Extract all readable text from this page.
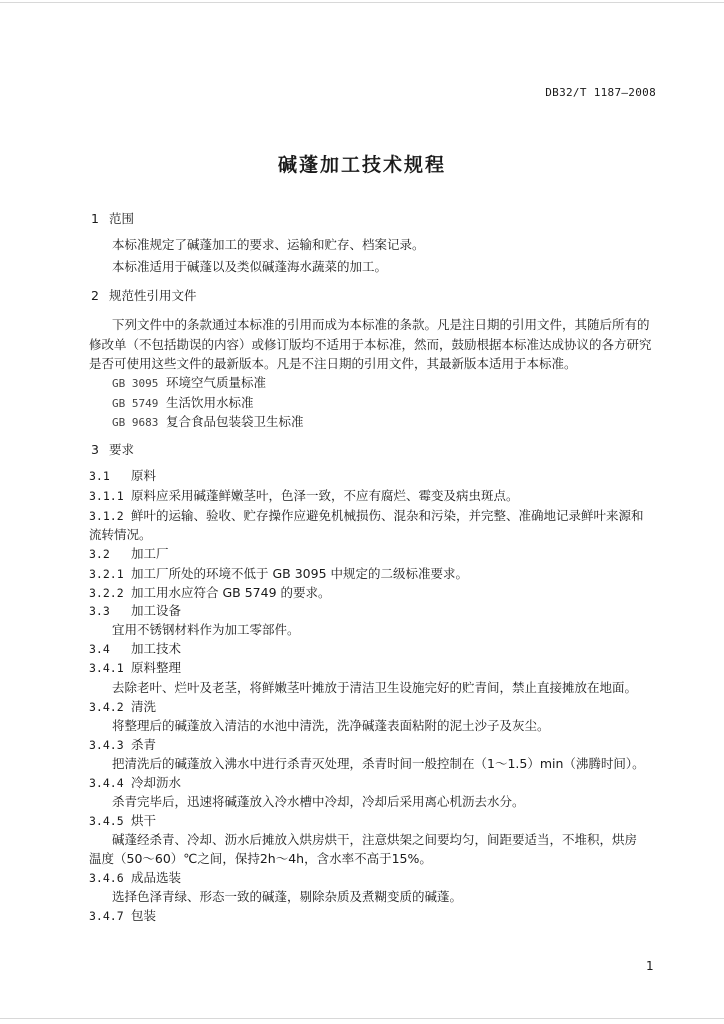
DB32/T 1187—2008
碱蓬加工技术规程
1 范围
本标准规定了碱蓬加工的要求、运输和贮存、档案记录。
本标准适用于碱蓬以及类似碱蓬海水蔬菜的加工。
2 规范性引用文件
下列文件中的条款通过本标准的引用而成为本标准的条款。凡是注日期的引用文件，其随后所有的
修改单（不包括勘误的内容）或修订版均不适用于本标准，然而，鼓励根据本标准达成协议的各方研究
是否可使用这些文件的最新版本。凡是不注日期的引用文件，其最新版本适用于本标准。
GB 3095 环境空气质量标准
GB 5749 生活饮用水标准
GB 9683 复合食品包装袋卫生标准
3 要求
3.1 原料
3.1.1 原料应采用碱蓬鲜嫩茎叶，色泽一致，不应有腐烂、霉变及病虫斑点。
3.1.2 鲜叶的运输、验收、贮存操作应避免机械损伤、混杂和污染，并完整、准确地记录鲜叶来源和
流转情况。
3.2 加工厂
3.2.1 加工厂所处的环境不低于 GB 3095 中规定的二级标准要求。
3.2.2 加工用水应符合 GB 5749 的要求。
3.3 加工设备
宜用不锈钢材料作为加工零部件。
3.4 加工技术
3.4.1 原料整理
去除老叶、烂叶及老茎，将鲜嫩茎叶摊放于清洁卫生设施完好的贮青间，禁止直接摊放在地面。
3.4.2 清洗
将整理后的碱蓬放入清洁的水池中清洗，洗净碱蓬表面粘附的泥土沙子及灰尘。
3.4.3 杀青
把清洗后的碱蓬放入沸水中进行杀青灭处理，杀青时间一般控制在（1～1.5）min（沸腾时间）。
3.4.4 冷却沥水
杀青完毕后，迅速将碱蓬放入冷水槽中冷却，冷却后采用离心机沥去水分。
3.4.5 烘干
碱蓬经杀青、冷却、沥水后摊放入烘房烘干，注意烘架之间要均匀，间距要适当，不堆积，烘房
温度（50～60）℃之间，保持2h～4h，含水率不高于15%。
3.4.6 成品选装
选择色泽青绿、形态一致的碱蓬，剔除杂质及煮糊变质的碱蓬。
3.4.7 包装
1
